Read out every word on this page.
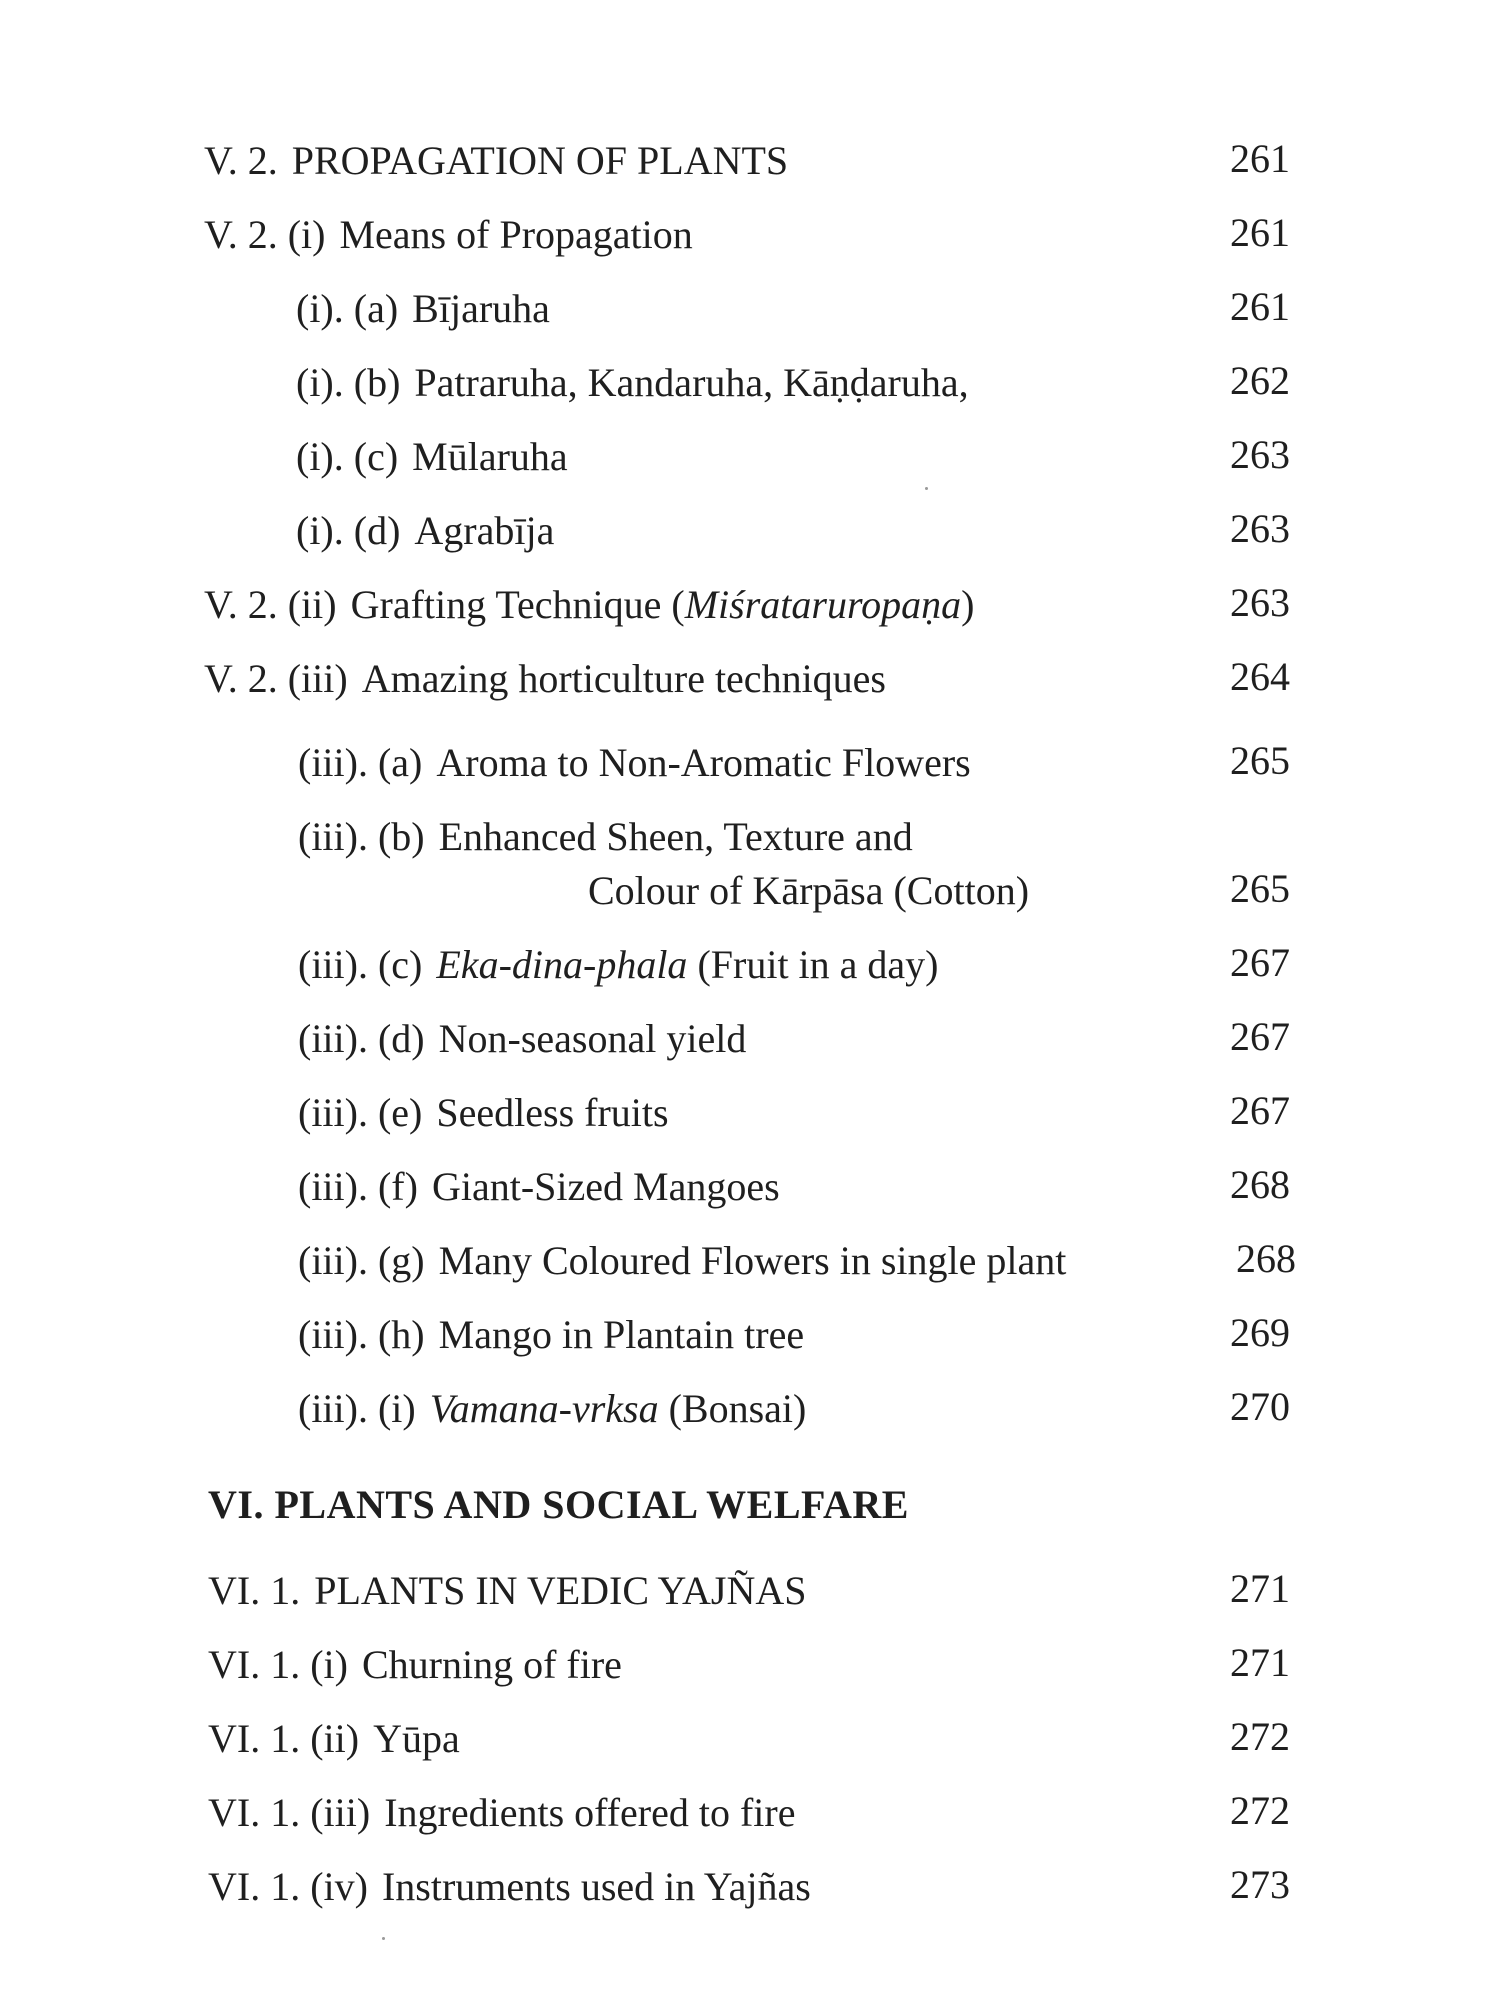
V. 2. PROPAGATION OF PLANTS	261
V. 2. (i) Means of Propagation	261
(i). (a) Bījaruha	261
(i). (b) Patraruha, Kandaruha, Kāṇḍaruha,	262
(i). (c) Mūlaruha	263
(i). (d) Agrabīja	263
V. 2. (ii) Grafting Technique (Miśrataruropaṇa)	263
V. 2. (iii) Amazing horticulture techniques	264
(iii). (a) Aroma to Non-Aromatic Flowers	265
(iii). (b) Enhanced Sheen, Texture and
Colour of Kārpāsa (Cotton)	265
(iii). (c) Eka-dina-phala (Fruit in a day)	267
(iii). (d) Non-seasonal yield	267
(iii). (e) Seedless fruits	267
(iii). (f) Giant-Sized Mangoes	268
(iii). (g) Many Coloured Flowers in single plant	268
(iii). (h) Mango in Plantain tree	269
(iii). (i) Vamana-vrksa (Bonsai)	270
VI. PLANTS AND SOCIAL WELFARE
VI. 1. PLANTS IN VEDIC YAJÑAS	271
VI. 1. (i) Churning of fire	271
VI. 1. (ii) Yūpa	272
VI. 1. (iii) Ingredients offered to fire	272
VI. 1. (iv) Instruments used in Yajñas	273
